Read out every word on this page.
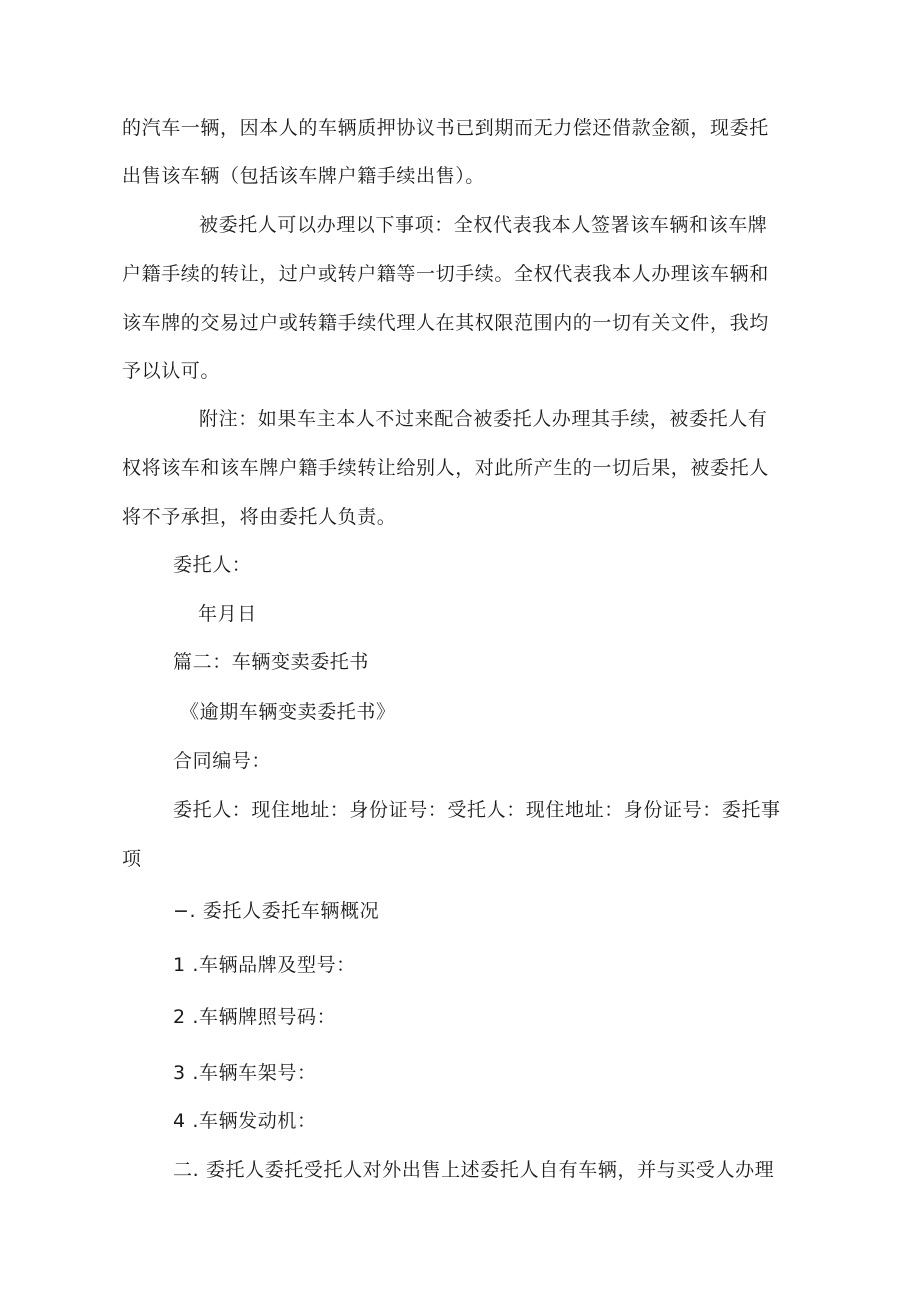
的汽车一辆，因本人的车辆质押协议书已到期而无力偿还借款金额，现委托
出售该车辆（包括该车牌户籍手续出售）。
被委托人可以办理以下事项：全权代表我本人签署该车辆和该车牌
户籍手续的转让，过户或转户籍等一切手续。全权代表我本人办理该车辆和
该车牌的交易过户或转籍手续代理人在其权限范围内的一切有关文件，我均
予以认可。
附注：如果车主本人不过来配合被委托人办理其手续，被委托人有
权将该车和该车牌户籍手续转让给别人，对此所产生的一切后果，被委托人
将不予承担，将由委托人负责。
委托人：
年月日
篇二：车辆变卖委托书
《逾期车辆变卖委托书》
合同编号：
委托人：现住地址：身份证号：受托人：现住地址：身份证号：委托事
项
−. 委托人委托车辆概况
1 .车辆品牌及型号：
2 .车辆牌照号码：
3 .车辆车架号：
4 .车辆发动机：
二. 委托人委托受托人对外出售上述委托人自有车辆，并与买受人办理
